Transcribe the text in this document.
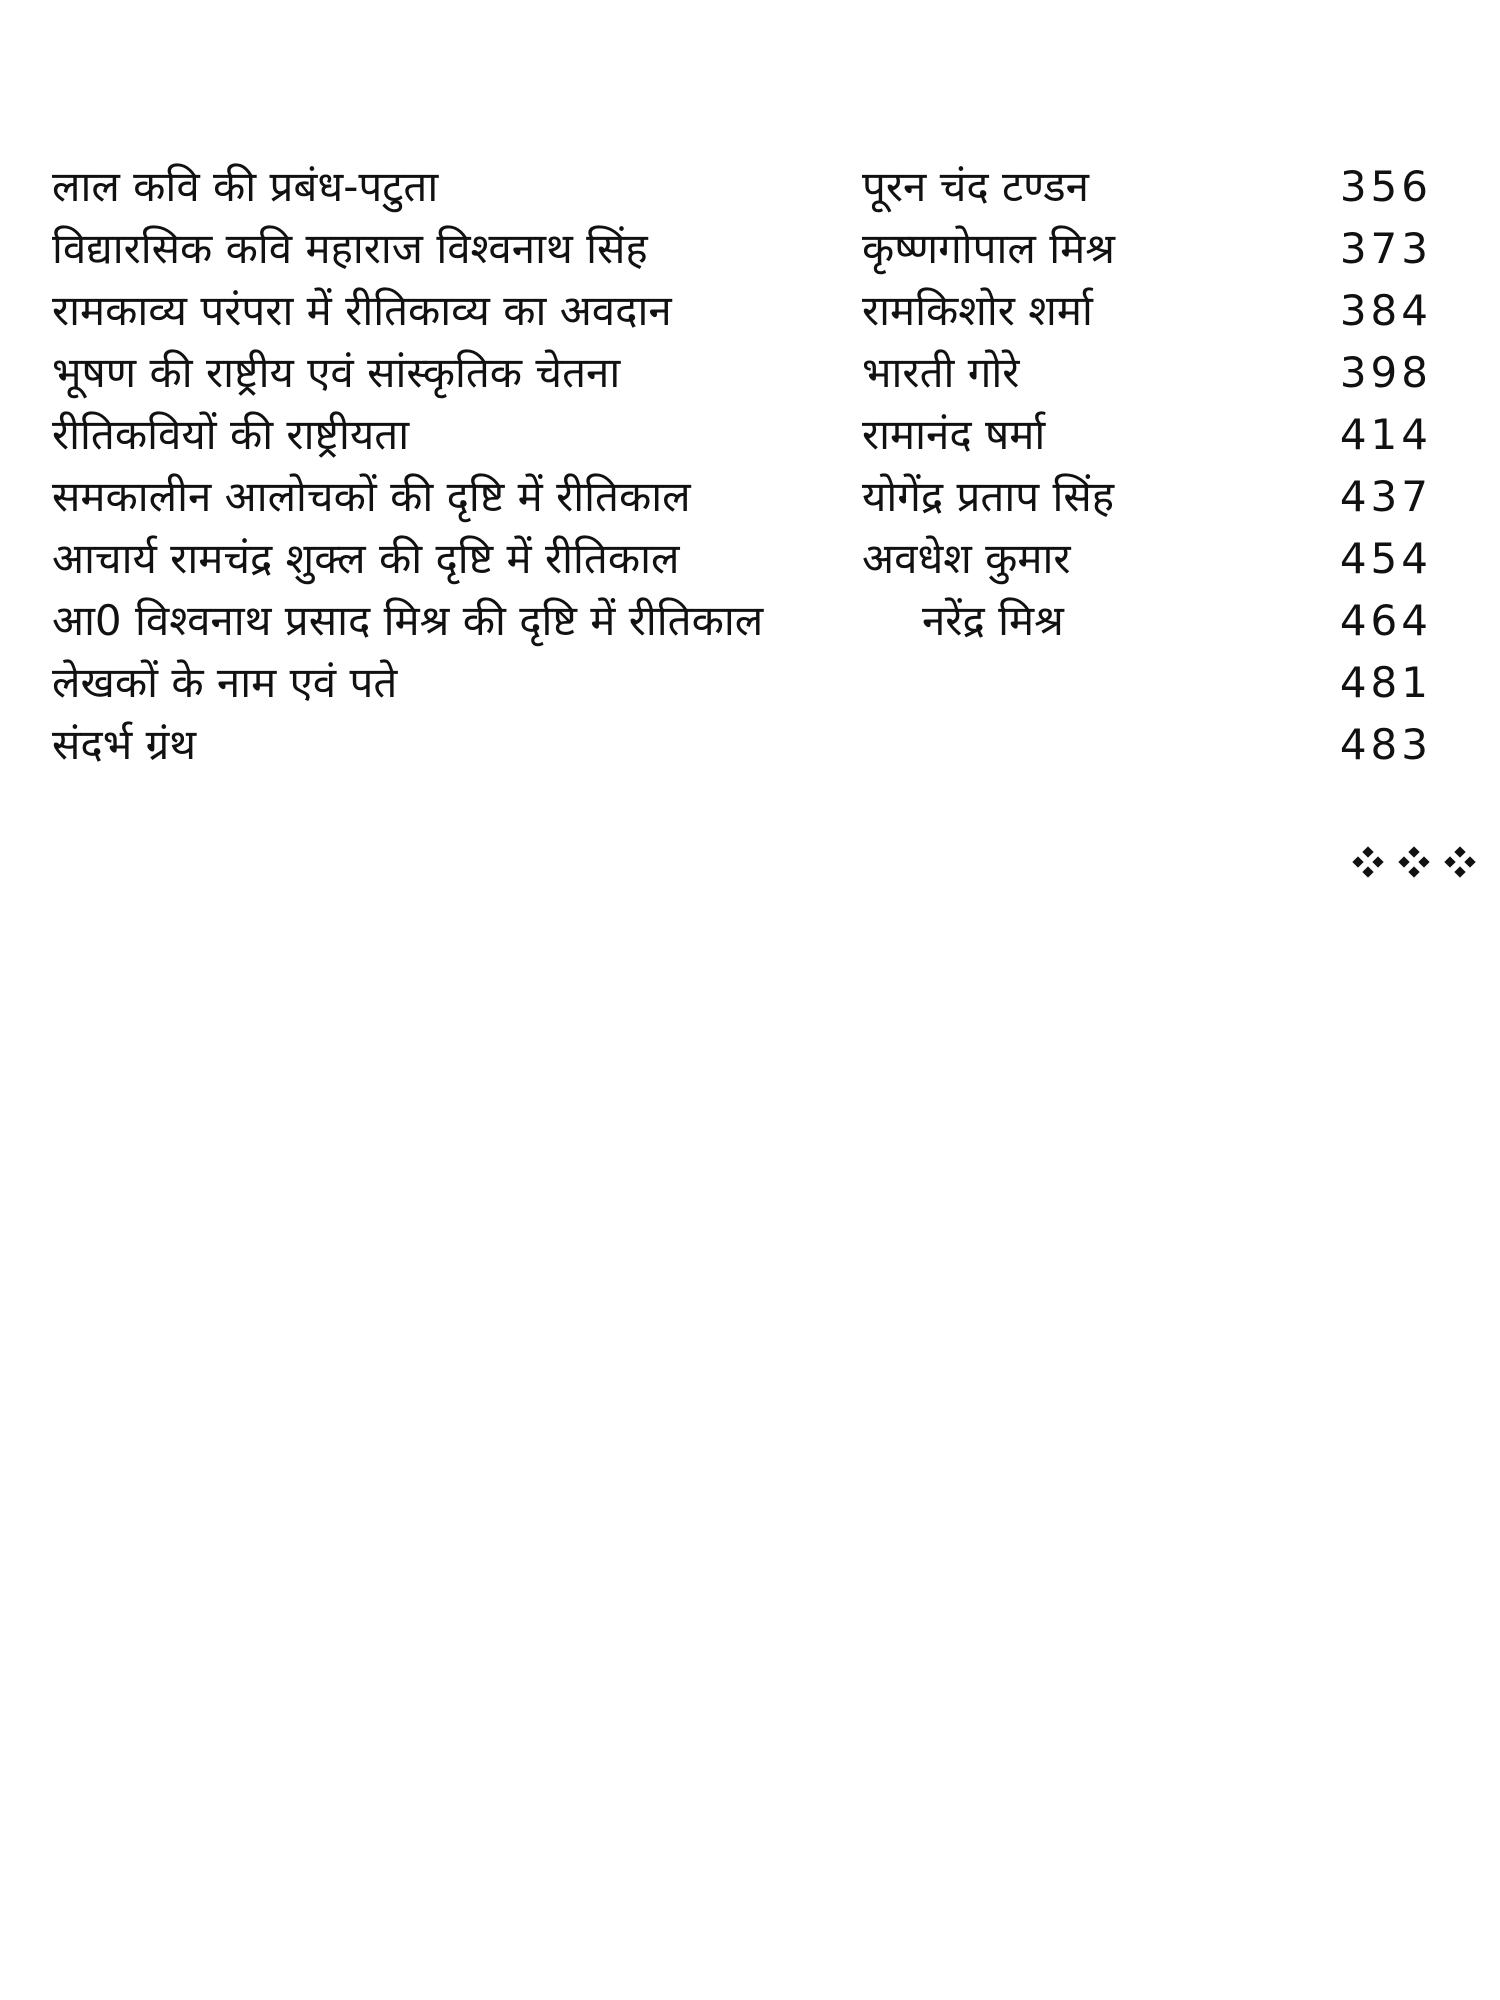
लाल कवि की प्रबंध-पटुता	पूरन चंद टण्डन	356
विद्यारसिक कवि महाराज विश्वनाथ सिंह	कृष्णगोपाल मिश्र	373
रामकाव्य परंपरा में रीतिकाव्य का अवदान	रामकिशोर शर्मा	384
भूषण की राष्ट्रीय एवं सांस्कृतिक चेतना	भारती गोरे	398
रीतिकवियों की राष्ट्रीयता	रामानंद षर्मा	414
समकालीन आलोचकों की दृष्टि में रीतिकाल	योगेंद्र प्रताप सिंह	437
आचार्य रामचंद्र शुक्ल की दृष्टि में रीतिकाल	अवधेश कुमार	454
आ0 विश्वनाथ प्रसाद मिश्र की दृष्टि में रीतिकाल	नरेंद्र मिश्र	464
लेखकों के नाम एवं पते	481
संदर्भ ग्रंथ	483
